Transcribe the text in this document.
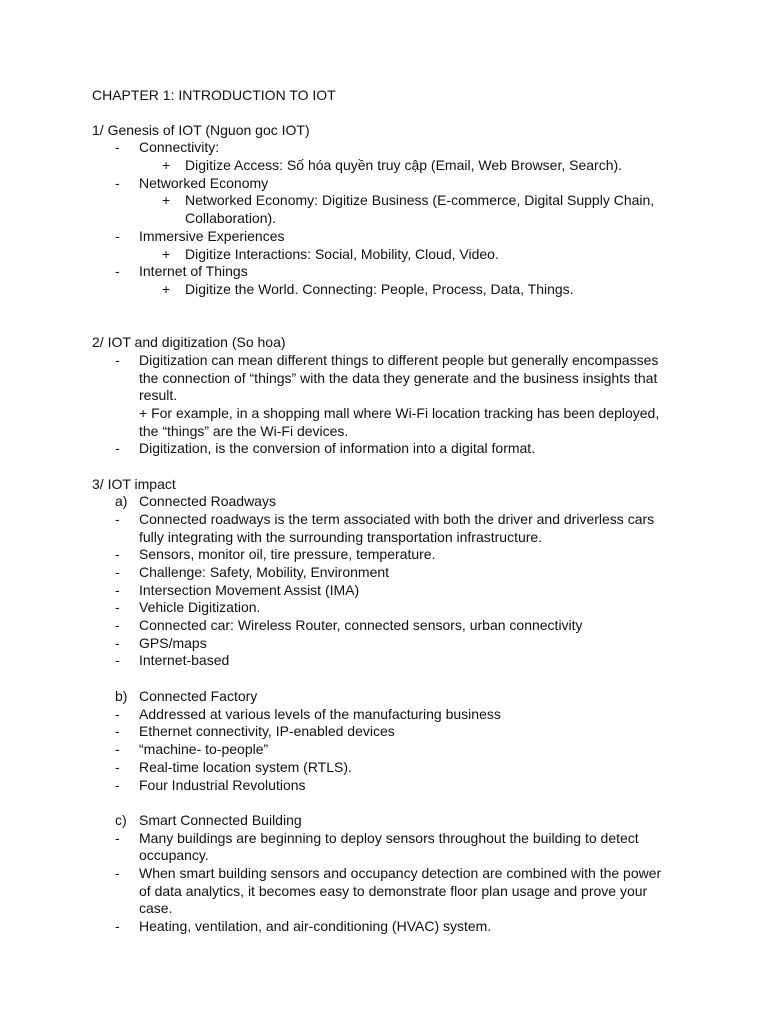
CHAPTER 1: INTRODUCTION TO IOT
1/ Genesis of IOT (Nguon goc IOT)
- Connectivity:
+ Digitize Access: Số hóa quyền truy cập (Email, Web Browser, Search).
- Networked Economy
+ Networked Economy: Digitize Business (E-commerce, Digital Supply Chain,
Collaboration).
- Immersive Experiences
+ Digitize Interactions: Social, Mobility, Cloud, Video.
- Internet of Things
+ Digitize the World. Connecting: People, Process, Data, Things.
2/ IOT and digitization (So hoa)
- Digitization can mean different things to different people but generally encompasses
the connection of “things” with the data they generate and the business insights that
result.
+ For example, in a shopping mall where Wi-Fi location tracking has been deployed,
the “things” are the Wi-Fi devices.
- Digitization, is the conversion of information into a digital format.
3/ IOT impact
a) Connected Roadways
- Connected roadways is the term associated with both the driver and driverless cars
fully integrating with the surrounding transportation infrastructure.
- Sensors, monitor oil, tire pressure, temperature.
- Challenge: Safety, Mobility, Environment
- Intersection Movement Assist (IMA)
- Vehicle Digitization.
- Connected car: Wireless Router, connected sensors, urban connectivity
- GPS/maps
- Internet-based
b) Connected Factory
- Addressed at various levels of the manufacturing business
- Ethernet connectivity, IP-enabled devices
- “machine- to-people”
- Real-time location system (RTLS).
- Four Industrial Revolutions
c) Smart Connected Building
- Many buildings are beginning to deploy sensors throughout the building to detect
occupancy.
- When smart building sensors and occupancy detection are combined with the power
of data analytics, it becomes easy to demonstrate floor plan usage and prove your
case.
- Heating, ventilation, and air-conditioning (HVAC) system.
